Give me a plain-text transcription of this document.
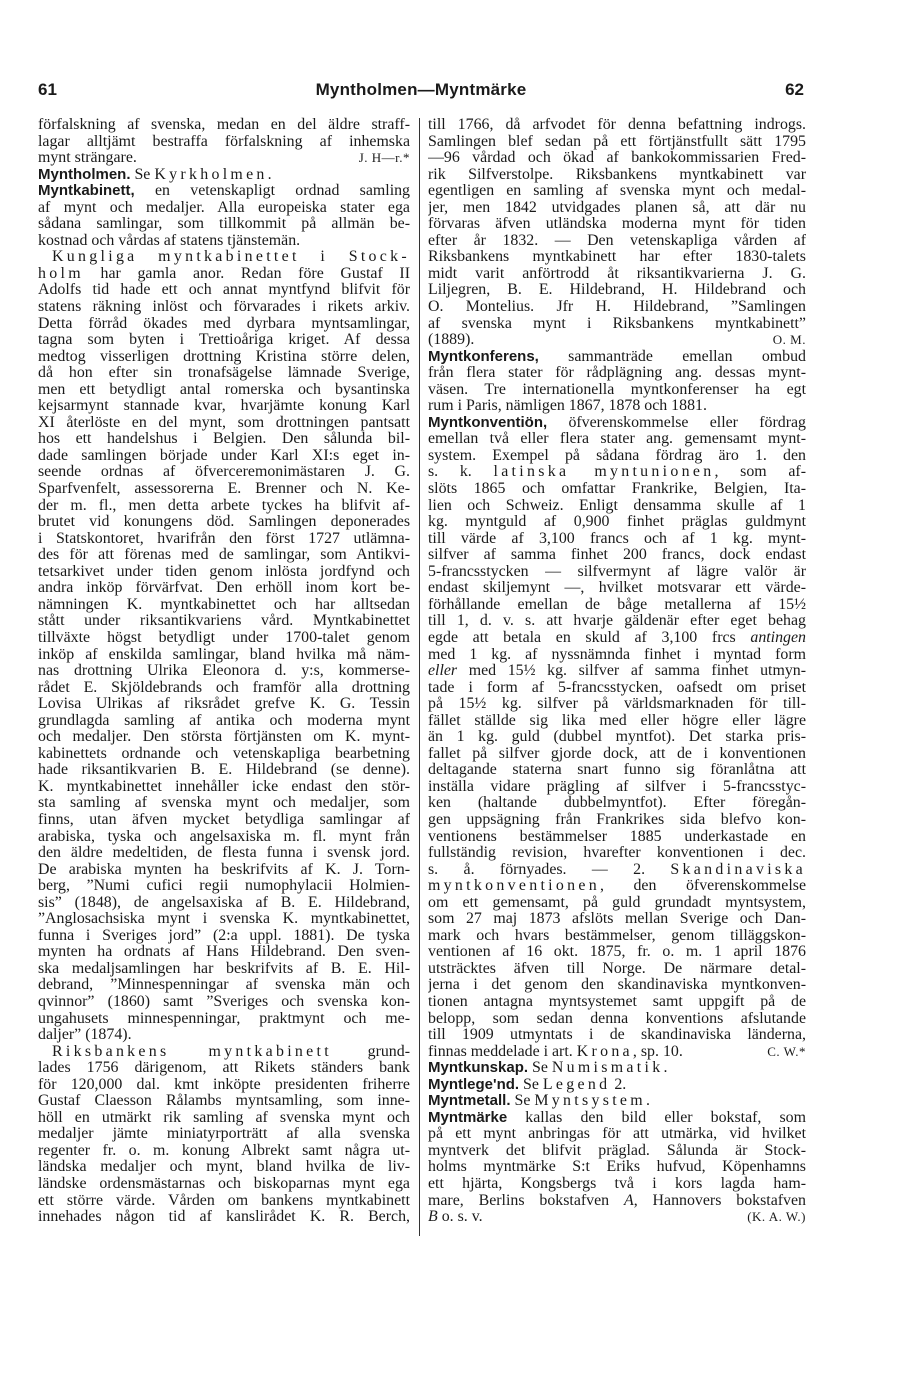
61	Myntholmen—Myntmärke	62
förfalskning af svenska, medan en del äldre straff-
lagar alltjämt bestraffa förfalskning af inhemska
mynt strängare.	J. H—r.*
Myntholmen. Se Kyrkholmen.
Myntkabinett, en vetenskapligt ordnad samling
af mynt och medaljer. Alla europeiska stater ega
sådana samlingar, som tillkommit på allmän be-
kostnad och vårdas af statens tjänstemän.
Kungliga myntkabinettet i Stock-
holm har gamla anor. Redan före Gustaf II
Adolfs tid hade ett och annat myntfynd blifvit för
statens räkning inlöst och förvarades i rikets arkiv.
Detta förråd ökades med dyrbara myntsamlingar,
tagna som byten i Trettioåriga kriget. Af dessa
medtog visserligen drottning Kristina större delen,
då hon efter sin tronafsägelse lämnade Sverige,
men ett betydligt antal romerska och bysantinska
kejsarmynt stannade kvar, hvarjämte konung Karl
XI återlöste en del mynt, som drottningen pantsatt
hos ett handelshus i Belgien. Den sålunda bil-
dade samlingen började under Karl XI:s eget in-
seende ordnas af öfverceremonimästaren J. G.
Sparfvenfelt, assessorerna E. Brenner och N. Ke-
der m. fl., men detta arbete tyckes ha blifvit af-
brutet vid konungens död. Samlingen deponerades
i Statskontoret, hvarifrån den först 1727 utlämna-
des för att förenas med de samlingar, som Antikvi-
tetsarkivet under tiden genom inlösta jordfynd och
andra inköp förvärfvat. Den erhöll inom kort be-
nämningen K. myntkabinettet och har alltsedan
stått under riksantikvariens vård. Myntkabinettet
tillväxte högst betydligt under 1700-talet genom
inköp af enskilda samlingar, bland hvilka må näm-
nas drottning Ulrika Eleonora d. y:s, kommerse-
rådet E. Skjöldebrands och framför alla drottning
Lovisa Ulrikas af riksrådet grefve K. G. Tessin
grundlagda samling af antika och moderna mynt
och medaljer. Den största förtjänsten om K. mynt-
kabinettets ordnande och vetenskapliga bearbetning
hade riksantikvarien B. E. Hildebrand (se denne).
K. myntkabinettet innehåller icke endast den stör-
sta samling af svenska mynt och medaljer, som
finns, utan äfven mycket betydliga samlingar af
arabiska, tyska och angelsaxiska m. fl. mynt från
den äldre medeltiden, de flesta funna i svensk jord.
De arabiska mynten ha beskrifvits af K. J. Torn-
berg, ”Numi cufici regii numophylacii Holmien-
sis” (1848), de angelsaxiska af B. E. Hildebrand,
”Anglosachsiska mynt i svenska K. myntkabinettet,
funna i Sveriges jord” (2:a uppl. 1881). De tyska
mynten ha ordnats af Hans Hildebrand. Den sven-
ska medaljsamlingen har beskrifvits af B. E. Hil-
debrand, ”Minnespenningar af svenska män och
qvinnor” (1860) samt ”Sveriges och svenska kon-
ungahusets minnespenningar, praktmynt och me-
daljer” (1874).
Riksbankens myntkabinett grund-
lades 1756 därigenom, att Rikets ständers bank
för 120,000 dal. kmt inköpte presidenten friherre
Gustaf Claesson Rålambs myntsamling, som inne-
höll en utmärkt rik samling af svenska mynt och
medaljer jämte miniatyrporträtt af alla svenska
regenter fr. o. m. konung Albrekt samt några ut-
ländska medaljer och mynt, bland hvilka de liv-
ländske ordensmästarnas och biskoparnas mynt ega
ett större värde. Vården om bankens myntkabinett
innehades någon tid af kanslirådet K. R. Berch,
till 1766, då arfvodet för denna befattning indrogs.
Samlingen blef sedan på ett förtjänstfullt sätt 1795
—96 vårdad och ökad af bankokommissarien Fred-
rik Silfverstolpe. Riksbankens myntkabinett var
egentligen en samling af svenska mynt och medal-
jer, men 1842 utvidgades planen så, att där nu
förvaras äfven utländska moderna mynt för tiden
efter år 1832. — Den vetenskapliga vården af
Riksbankens myntkabinett har efter 1830-talets
midt varit anförtrodd åt riksantikvarierna J. G.
Liljegren, B. E. Hildebrand, H. Hildebrand och
O. Montelius. Jfr H. Hildebrand, ”Samlingen
af svenska mynt i Riksbankens myntkabinett”
(1889).	O. M.
Myntkonferens, sammanträde emellan ombud
från flera stater för rådplägning ang. dessas mynt-
väsen. Tre internationella myntkonferenser ha egt
rum i Paris, nämligen 1867, 1878 och 1881.
Myntkonventiön, öfverenskommelse eller fördrag
emellan två eller flera stater ang. gemensamt mynt-
system. Exempel på sådana fördrag äro 1. den
s. k. latinska myntunionen, som af-
slöts 1865 och omfattar Frankrike, Belgien, Ita-
lien och Schweiz. Enligt densamma skulle af 1
kg. myntguld af 0,900 finhet präglas guldmynt
till värde af 3,100 francs och af 1 kg. mynt-
silfver af samma finhet 200 francs, dock endast
5-francsstycken — silfvermynt af lägre valör är
endast skiljemynt —, hvilket motsvarar ett värde-
förhållande emellan de båge metallerna af 15½
till 1, d. v. s. att hvarje gäldenär efter eget behag
egde att betala en skuld af 3,100 frcs antingen
med 1 kg. af nyssnämnda finhet i myntad form
eller med 15½ kg. silfver af samma finhet utmyn-
tade i form af 5-francsstycken, oafsedt om priset
på 15½ kg. silfver på världsmarknaden för till-
fället ställde sig lika med eller högre eller lägre
än 1 kg. guld (dubbel myntfot). Det starka pris-
fallet på silfver gjorde dock, att de i konventionen
deltagande staterna snart funno sig föranlåtna att
inställa vidare prägling af silfver i 5-francsstyc-
ken (haltande dubbelmyntfot). Efter föregån-
gen uppsägning från Frankrikes sida blefvo kon-
ventionens bestämmelser 1885 underkastade en
fullständig revision, hvarefter konventionen i dec.
s. å. förnyades. — 2. Skandinaviska
myntkonventionen, den öfverenskommelse
om ett gemensamt, på guld grundadt myntsystem,
som 27 maj 1873 afslöts mellan Sverige och Dan-
mark och hvars bestämmelser, genom tilläggskon-
ventionen af 16 okt. 1875, fr. o. m. 1 april 1876
utsträcktes äfven till Norge. De närmare detal-
jerna i det genom den skandinaviska myntkonven-
tionen antagna myntsystemet samt uppgift på de
belopp, som sedan denna konventions afslutande
till 1909 utmyntats i de skandinaviska länderna,
finnas meddelade i art. Krona, sp. 10.	C. W.*
Myntkunskap. Se Numismatik.
Myntlege'nd. Se Legend 2.
Myntmetall. Se Myntsystem.
Myntmärke kallas den bild eller bokstaf, som
på ett mynt anbringas för att utmärka, vid hvilket
myntverk det blifvit präglad. Sålunda är Stock-
holms myntmärke S:t Eriks hufvud, Köpenhamns
ett hjärta, Kongsbergs två i kors lagda ham-
mare, Berlins bokstafven A, Hannovers bokstafven
B o. s. v.	(K. A. W.)
